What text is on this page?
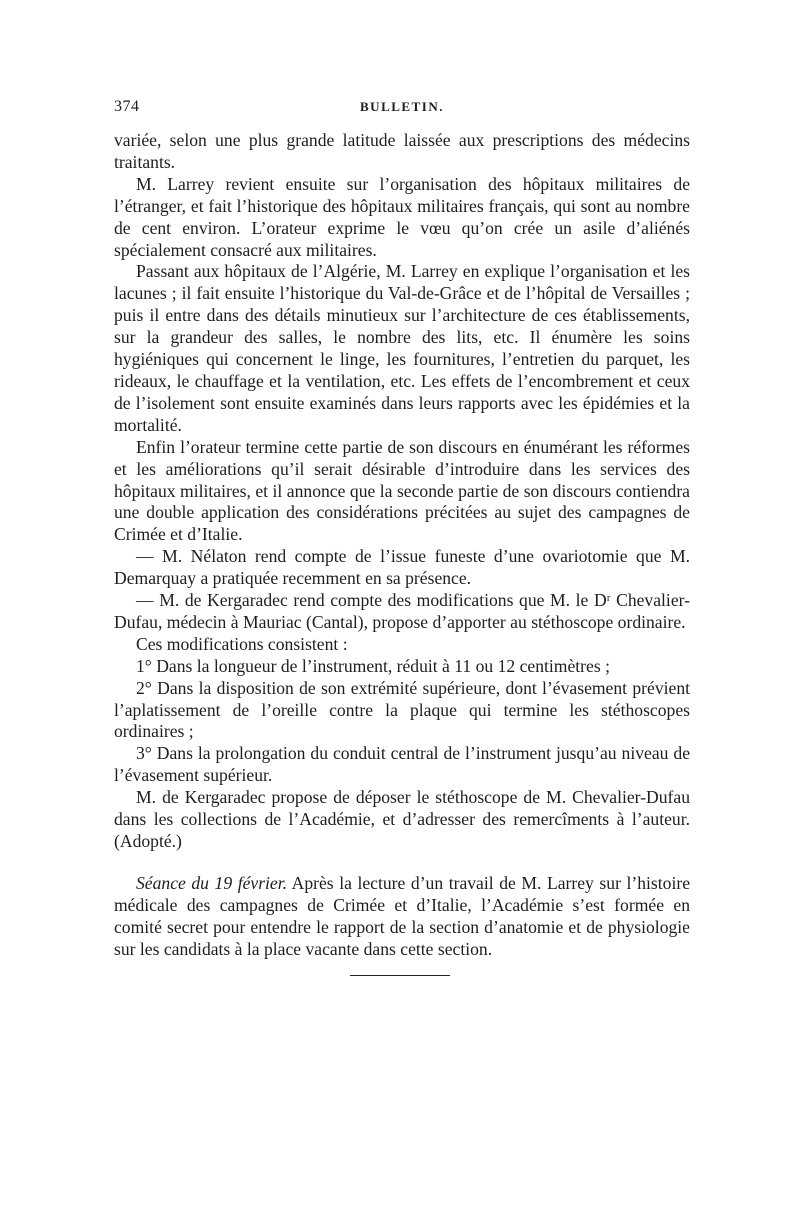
374	BULLETIN.

variée, selon une plus grande latitude laissée aux prescriptions des médecins traitants.

M. Larrey revient ensuite sur l’organisation des hôpitaux militaires de l’étranger, et fait l’historique des hôpitaux militaires français, qui sont au nombre de cent environ. L’orateur exprime le vœu qu’on crée un asile d’aliénés spécialement consacré aux militaires.

Passant aux hôpitaux de l’Algérie, M. Larrey en explique l’organisation et les lacunes ; il fait ensuite l’historique du Val-de-Grâce et de l’hôpital de Versailles ; puis il entre dans des détails minutieux sur l’architecture de ces établissements, sur la grandeur des salles, le nombre des lits, etc. Il énumère les soins hygiéniques qui concernent le linge, les fournitures, l’entretien du parquet, les rideaux, le chauffage et la ventilation, etc. Les effets de l’encombrement et ceux de l’isolement sont ensuite examinés dans leurs rapports avec les épidémies et la mortalité.

Enfin l’orateur termine cette partie de son discours en énumérant les réformes et les améliorations qu’il serait désirable d’introduire dans les services des hôpitaux militaires, et il annonce que la seconde partie de son discours contiendra une double application des considérations précitées au sujet des campagnes de Crimée et d’Italie.

— M. Nélaton rend compte de l’issue funeste d’une ovariotomie que M. Demarquay a pratiquée recemment en sa présence.

— M. de Kergaradec rend compte des modifications que M. le Dʳ Chevalier-Dufau, médecin à Mauriac (Cantal), propose d’apporter au stéthoscope ordinaire.

Ces modifications consistent :

1° Dans la longueur de l’instrument, réduit à 11 ou 12 centimètres ;

2° Dans la disposition de son extrémité supérieure, dont l’évasement prévient l’aplatissement de l’oreille contre la plaque qui termine les stéthoscopes ordinaires ;

3° Dans la prolongation du conduit central de l’instrument jusqu’au niveau de l’évasement supérieur.

M. de Kergaradec propose de déposer le stéthoscope de M. Chevalier-Dufau dans les collections de l’Académie, et d’adresser des remercîments à l’auteur. (Adopté.)

Séance du 19 février. Après la lecture d’un travail de M. Larrey sur l’histoire médicale des campagnes de Crimée et d’Italie, l’Académie s’est formée en comité secret pour entendre le rapport de la section d’anatomie et de physiologie sur les candidats à la place vacante dans cette section.
